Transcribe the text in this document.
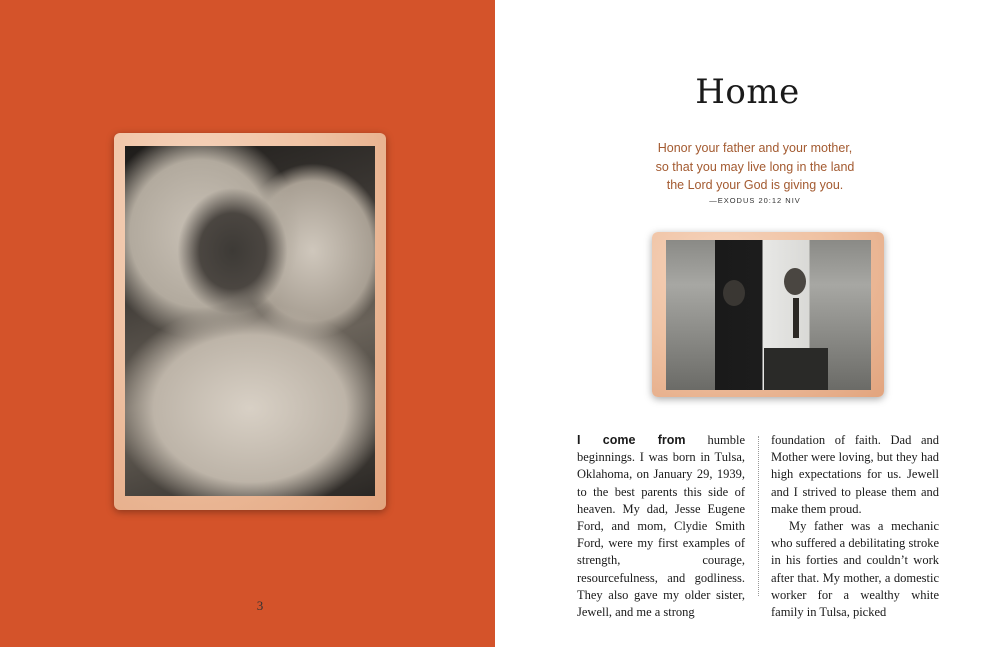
Home
Honor your father and your mother,
so that you may live long in the land
the Lord your God is giving you.
—EXODUS 20:12 NIV

I come from humble beginnings. I was born in Tulsa, Oklahoma, on January 29, 1939, to the best parents this side of heaven. My dad, Jesse Eugene Ford, and mom, Clydie Smith Ford, were my first examples of strength, courage, resourcefulness, and godliness. They also gave my older sister, Jewell, and me a strong

foundation of faith. Dad and Mother were loving, but they had high expectations for us. Jewell and I strived to please them and make them proud.

My father was a mechanic who suffered a debilitating stroke in his forties and couldn’t work after that. My mother, a domestic worker for a wealthy white family in Tulsa, picked

3
